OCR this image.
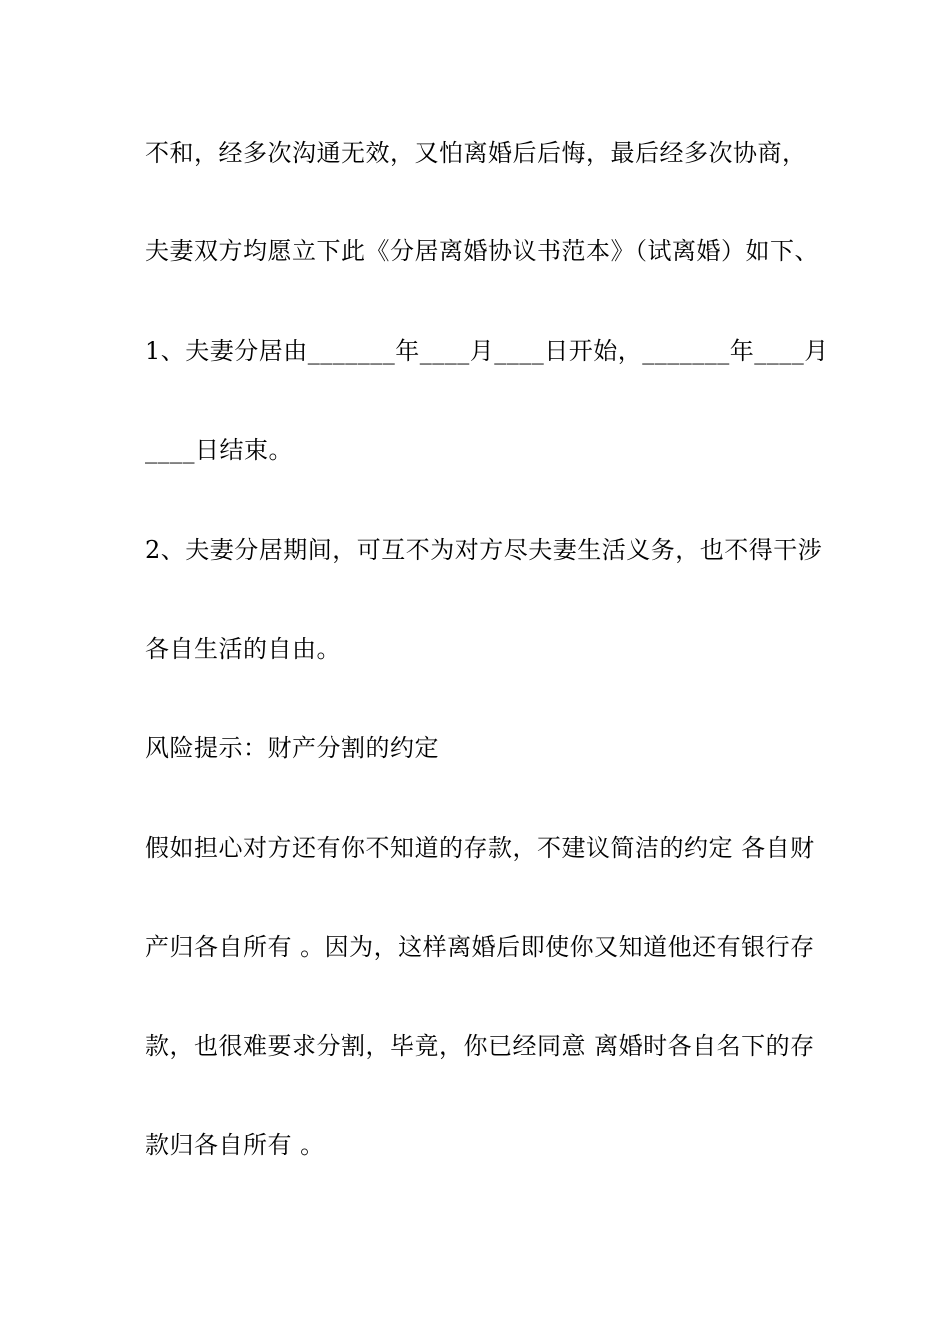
不和，经多次沟通无效，又怕离婚后后悔，最后经多次协商，
夫妻双方均愿立下此《分居离婚协议书范本》（试离婚）如下、
1、夫妻分居由_______年____月____日开始，_______年____月
____日结束。
2、夫妻分居期间，可互不为对方尽夫妻生活义务，也不得干涉
各自生活的自由。
风险提示：财产分割的约定
假如担心对方还有你不知道的存款，不建议简洁的约定 各自财
产归各自所有 。因为，这样离婚后即使你又知道他还有银行存
款，也很难要求分割，毕竟，你已经同意 离婚时各自名下的存
款归各自所有 。
